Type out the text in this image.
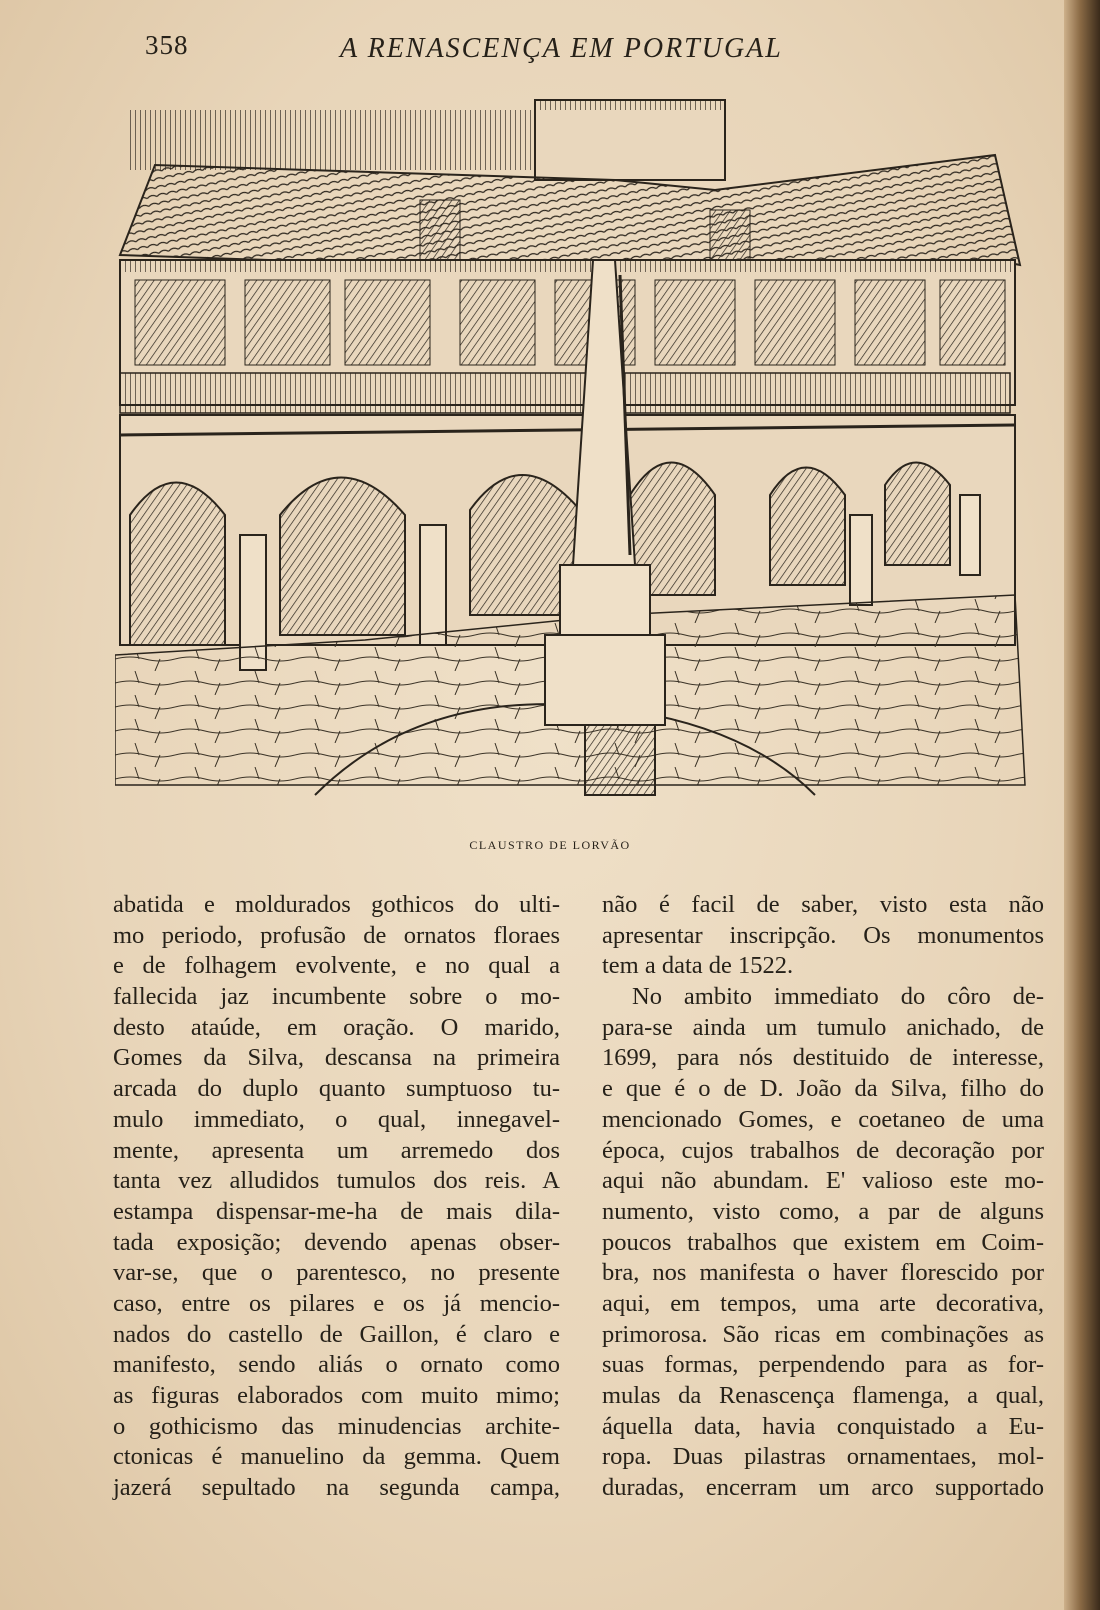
358	A RENASCENÇA EM PORTUGAL
CLAUSTRO DE LORVÃO
abatida e moldurados gothicos do ulti-
mo periodo, profusão de ornatos floraes
e de folhagem evolvente, e no qual a
fallecida jaz incumbente sobre o mo-
desto ataúde, em oração. O marido,
Gomes da Silva, descansa na primeira
arcada do duplo quanto sumptuoso tu-
mulo immediato, o qual, innegavel-
mente, apresenta um arremedo dos
tanta vez alludidos tumulos dos reis. A
estampa dispensar-me-ha de mais dila-
tada exposição; devendo apenas obser-
var-se, que o parentesco, no presente
caso, entre os pilares e os já mencio-
nados do castello de Gaillon, é claro e
manifesto, sendo aliás o ornato como
as figuras elaborados com muito mimo;
o gothicismo das minudencias archite-
ctonicas é manuelino da gemma. Quem
jazerá sepultado na segunda campa,
não é facil de saber, visto esta não
apresentar inscripção. Os monumentos
tem a data de 1522.
No ambito immediato do côro de-
para-se ainda um tumulo anichado, de
1699, para nós destituido de interesse,
e que é o de D. João da Silva, filho do
mencionado Gomes, e coetaneo de uma
época, cujos trabalhos de decoração por
aqui não abundam. E' valioso este mo-
numento, visto como, a par de alguns
poucos trabalhos que existem em Coim-
bra, nos manifesta o haver florescido por
aqui, em tempos, uma arte decorativa,
primorosa. São ricas em combinações as
suas formas, perpendendo para as for-
mulas da Renascença flamenga, a qual,
áquella data, havia conquistado a Eu-
ropa. Duas pilastras ornamentaes, mol-
duradas, encerram um arco supportado
